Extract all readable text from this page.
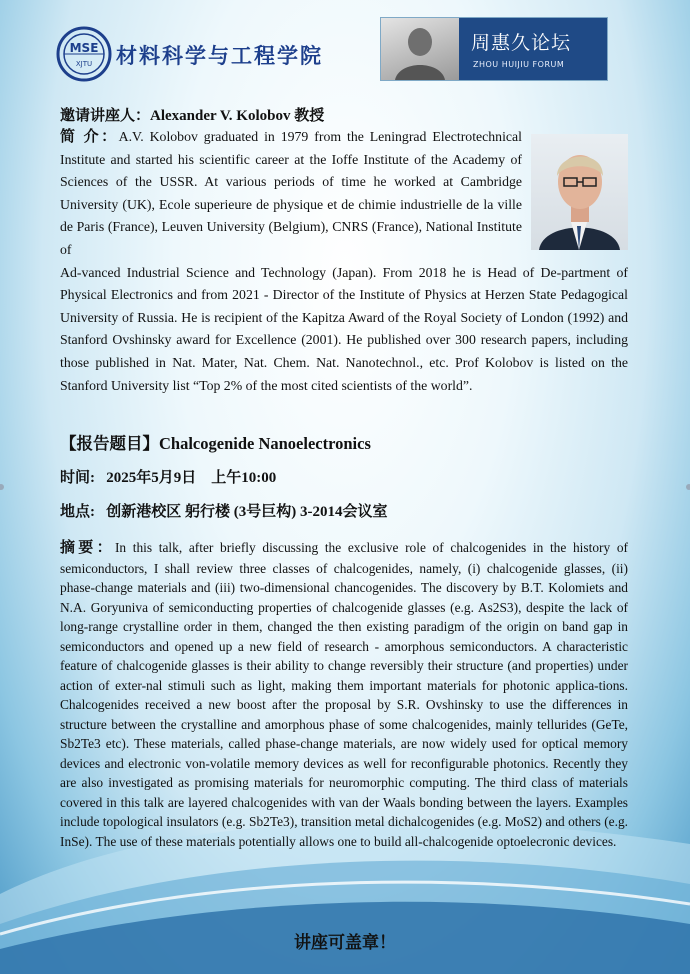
MSE
XJTU 材料科学与工程学院	周惠久论坛
ZHOU HUIJIU FORUM
邀请讲座人：Alexander V. Kolobov 教授
简 介：A.V. Kolobov graduated in 1979 from the Leningrad Electrotechnical Institute and started his scientific career at the Ioffe Institute of the Academy of Sciences of the USSR. At various periods of time he worked at Cambridge University (UK), Ecole superieure de physique et de chimie industrielle de la ville de Paris (France), Leuven University (Belgium), CNRS (France), National Institute of
Ad-vanced Industrial Science and Technology (Japan). From 2018 he is Head of De-partment of Physical Electronics and from 2021 - Director of the Institute of Physics at Herzen State Pedagogical University of Russia. He is recipient of the Kapitza Award of the Royal Society of London (1992) and Stanford Ovshinsky award for Excellence (2001). He published over 300 research papers, including those published in Nat. Mater, Nat. Chem. Nat. Nanotechnol., etc. Prof Kolobov is listed on the Stanford University list “Top 2% of the most cited scientists of the world”.
【报告题目】Chalcogenide Nanoelectronics
时间: 2025年5月9日　上午10:00
地点: 创新港校区 躬行楼 (3号巨构) 3-2014会议室
摘要：In this talk, after briefly discussing the exclusive role of chalcogenides in the history of semiconductors, I shall review three classes of chalcogenides, namely, (i) chalcogenide glasses, (ii) phase-change materials and (iii) two-dimensional chancogenides. The discovery by B.T. Kolomiets and N.A. Goryuniva of semiconducting properties of chalcogenide glasses (e.g. As2S3), despite the lack of long-range crystalline order in them, changed the then existing paradigm of the origin on band gap in semiconductors and opened up a new field of research - amorphous semiconductors. A characteristic feature of chalcogenide glasses is their ability to change reversibly their structure (and properties) under action of exter-nal stimuli such as light, making them important materials for photonic applica-tions. Chalcogenides received a new boost after the proposal by S.R. Ovshinsky to use the differences in structure between the crystalline and amorphous phase of some chalcogenides, mainly tellurides (GeTe, Sb2Te3 etc). These materials, called phase-change materials, are now widely used for optical memory devices and electronic von-volatile memory devices as well for reconfigurable photonics. Recently they are also investigated as promising materials for neuromorphic computing. The third class of materials covered in this talk are layered chalcogenides with van der Waals bonding between the layers. Examples include topological insulators (e.g. Sb2Te3), transition metal dichalcogenides (e.g. MoS2) and others (e.g. InSe). The use of these materials potentially allows one to build all-chalcogenide optoelecronic devices.
讲座可盖章！
